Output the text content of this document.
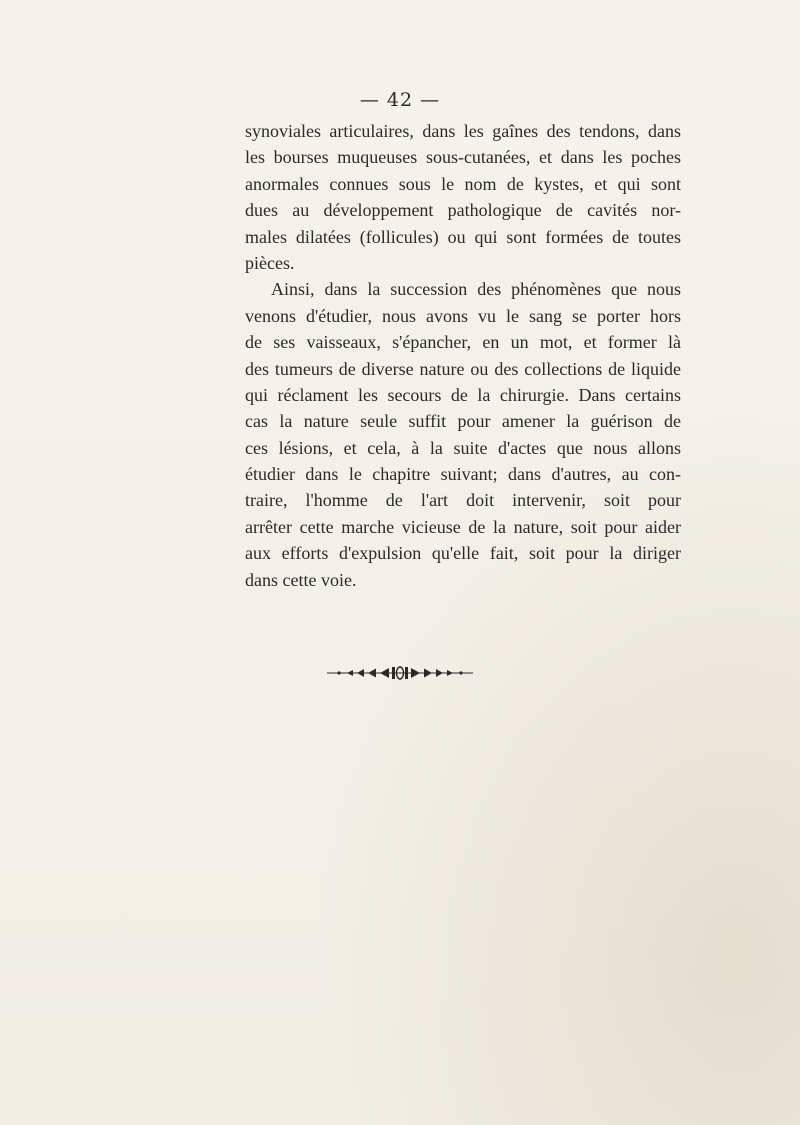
— 42 —

synoviales articulaires, dans les gaînes des tendons, dans
les bourses muqueuses sous-cutanées, et dans les poches
anormales connues sous le nom de kystes, et qui sont
dues au développement pathologique de cavités nor-
males dilatées (follicules) ou qui sont formées de toutes
pièces.
Ainsi, dans la succession des phénomènes que nous
venons d'étudier, nous avons vu le sang se porter hors
de ses vaisseaux, s'épancher, en un mot, et former là
des tumeurs de diverse nature ou des collections de liquide
qui réclament les secours de la chirurgie. Dans certains
cas la nature seule suffit pour amener la guérison de
ces lésions, et cela, à la suite d'actes que nous allons
étudier dans le chapitre suivant; dans d'autres, au con-
traire, l'homme de l'art doit intervenir, soit pour
arrêter cette marche vicieuse de la nature, soit pour aider
aux efforts d'expulsion qu'elle fait, soit pour la diriger
dans cette voie.
